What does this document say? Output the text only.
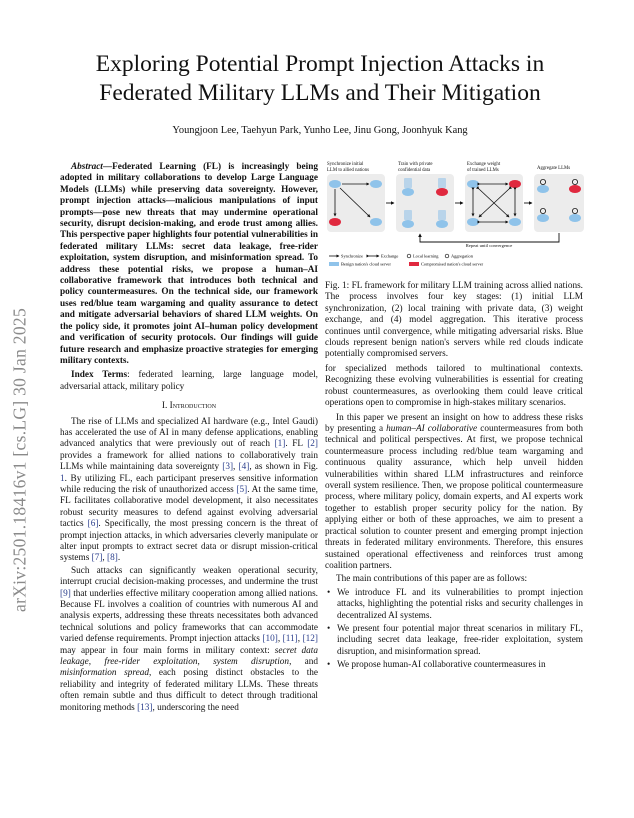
arXiv:2501.18416v1 [cs.LG] 30 Jan 2025
Exploring Potential Prompt Injection Attacks in
Federated Military LLMs and Their Mitigation
Youngjoon Lee, Taehyun Park, Yunho Lee, Jinu Gong, Joonhyuk Kang

Abstract—Federated Learning (FL) is increasingly being adopted in military collaborations to develop Large Language Models (LLMs) while preserving data sovereignty. However, prompt injection attacks—malicious manipulations of input prompts—pose new threats that may undermine operational security, disrupt decision-making, and erode trust among allies. This perspective paper highlights four potential vulnerabilities in federated military LLMs: secret data leakage, free-rider exploitation, system disruption, and misinformation spread. To address these potential risks, we propose a human–AI collaborative framework that introduces both technical and policy countermeasures. On the technical side, our framework uses red/blue team wargaming and quality assurance to detect and mitigate adversarial behaviors of shared LLM weights. On the policy side, it promotes joint AI–human policy development and verification of security protocols. Our findings will guide future research and emphasize proactive strategies for emerging military contexts.

Index Terms: federated learning, large language model, adversarial attack, military policy

I. Introduction

The rise of LLMs and specialized AI hardware (e.g., Intel Gaudi) has accelerated the use of AI in many defense applications, enabling advanced analytics that were previously out of reach [1]. FL [2] provides a framework for allied nations to collaboratively train LLMs while maintaining data sovereignty [3], [4], as shown in Fig. 1. By utilizing FL, each participant preserves sensitive information while reducing the risk of unauthorized access [5]. At the same time, FL facilitates collaborative model development, it also necessitates robust security measures to defend against evolving adversarial tactics [6]. Specifically, the most pressing concern is the threat of prompt injection attacks, in which adversaries cleverly manipulate or alter input prompts to extract secret data or disrupt mission-critical systems [7], [8].

Such attacks can significantly weaken operational security, interrupt crucial decision-making processes, and undermine the trust [9] that underlies effective military cooperation among allied nations. Because FL involves a coalition of countries with numerous AI and analysis experts, addressing these threats necessitates both advanced technical solutions and policy frameworks that can accommodate varied defense requirements. Prompt injection attacks [10], [11], [12] may appear in four main forms in military context: secret data leakage, free-rider exploitation, system disruption, and misinformation spread, each posing distinct obstacles to the reliability and integrity of federated military LLMs. These threats often remain subtle and thus difficult to detect through traditional monitoring methods [13], underscoring the need

Synchronize initial LLM to allied nations
Train with private confidential data
Exchange weight of trained LLMs	Aggregate LLMs
Repeat until convergence
Synchronize	Exchange	Local learning	Aggregation
Benign nation's cloud server	Compromised nation's cloud server

Fig. 1: FL framework for military LLM training across allied nations. The process involves four key stages: (1) initial LLM synchronization, (2) local training with private data, (3) weight exchange, and (4) model aggregation. This iterative process continues until convergence, while mitigating adversarial risks. Blue clouds represent benign nation's servers while red clouds indicate potentially compromised servers.

for specialized methods tailored to multinational contexts. Recognizing these evolving vulnerabilities is essential for creating robust countermeasures, as overlooking them could leave critical operations open to compromise in high-stakes military scenarios.

In this paper we present an insight on how to address these risks by presenting a human–AI collaborative countermeasures from both technical and political perspectives. At first, we propose technical countermeasure process including red/blue team wargaming and continuous quality assurance, which help unveil hidden vulnerabilities within shared LLM infrastructures and reinforce overall system resilience. Then, we propose political countermeasure process, where military policy, domain experts, and AI experts work together to establish proper security policy for the nation. By applying either or both of these approaches, we aim to present a practical solution to counter present and emerging prompt injection threats in federated military environments. Therefore, this ensures sustained operational effectiveness and reinforces trust among coalition partners.

The main contributions of this paper are as follows:

• We introduce FL and its vulnerabilities to prompt injection attacks, highlighting the potential risks and security challenges in decentralized AI systems.
• We present four potential major threat scenarios in military FL, including secret data leakage, free-rider exploitation, system disruption, and misinformation spread.
• We propose human-AI collaborative countermeasures in
